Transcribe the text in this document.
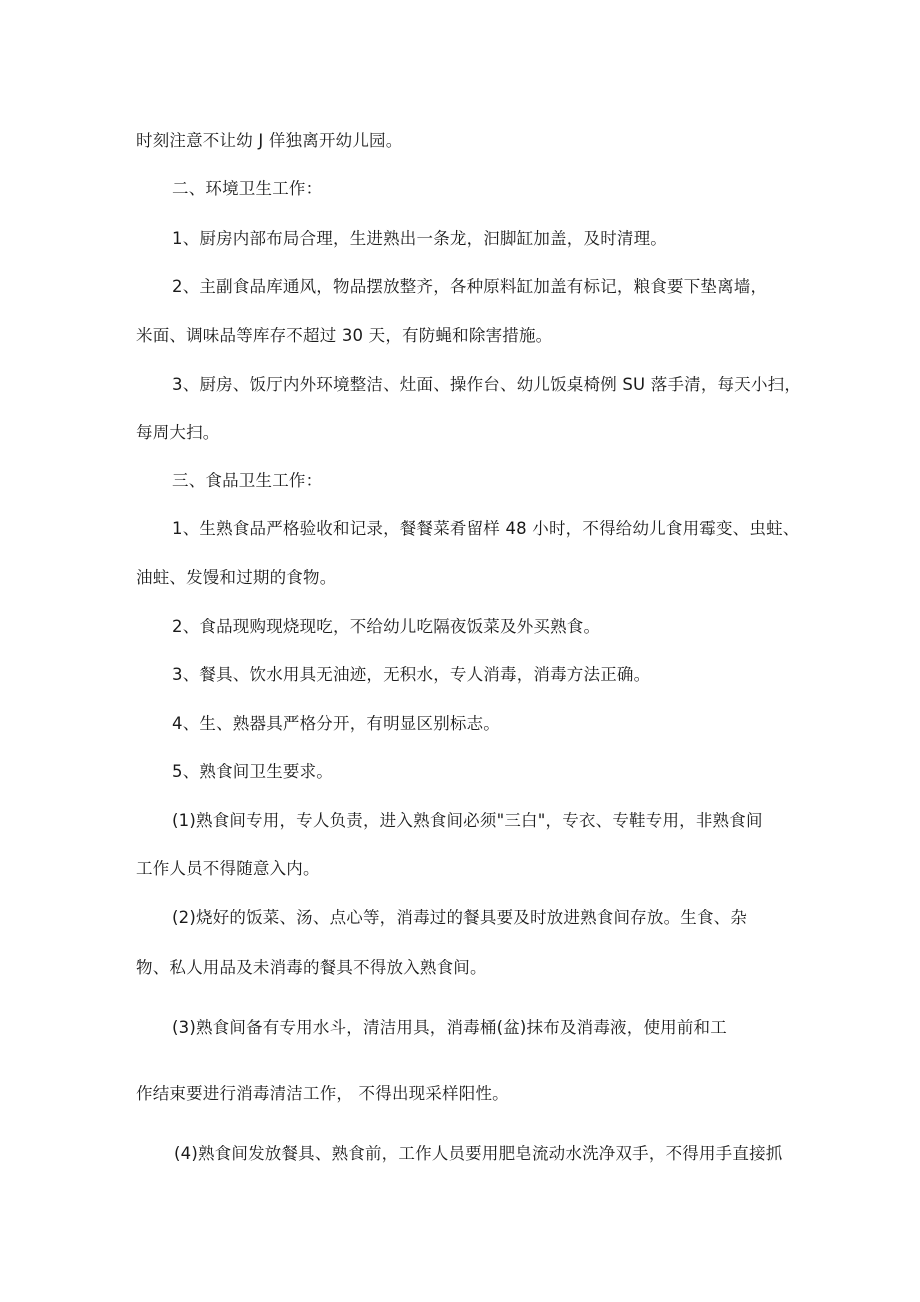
时刻注意不让幼 J 佯独离开幼儿园。
二、环境卫生工作：
1、厨房内部布局合理，生进熟出一条龙，汩脚缸加盖，及时清理。
2、主副食品库通风，物品摆放整齐，各种原料缸加盖有标记，粮食要下垫离墙，
米面、调味品等库存不超过 30 天，有防蝇和除害措施。
3、厨房、饭厅内外环境整洁、灶面、操作台、幼儿饭桌椅例 SU 落手清，每天小扫，
每周大扫。
三、食品卫生工作：
1、生熟食品严格验收和记录，餐餐菜肴留样 48 小时，不得给幼儿食用霉变、虫蛀、
油蛀、发馒和过期的食物。
2、食品现购现烧现吃，不给幼儿吃隔夜饭菜及外买熟食。
3、餐具、饮水用具无油迹，无积水，专人消毒，消毒方法正确。
4、生、熟器具严格分开，有明显区别标志。
5、熟食间卫生要求。
(1)熟食间专用，专人负责，进入熟食间必须"三白"，专衣、专鞋专用，非熟食间
工作人员不得随意入内。
(2)烧好的饭菜、汤、点心等，消毒过的餐具要及时放进熟食间存放。生食、杂
物、私人用品及未消毒的餐具不得放入熟食间。
(3)熟食间备有专用水斗，清洁用具，消毒桶(盆)抹布及消毒液，使用前和工
作结束要进行消毒清洁工作， 不得出现采样阳性。
(4)熟食间发放餐具、熟食前，工作人员要用肥皂流动水洗净双手，不得用手直接抓
